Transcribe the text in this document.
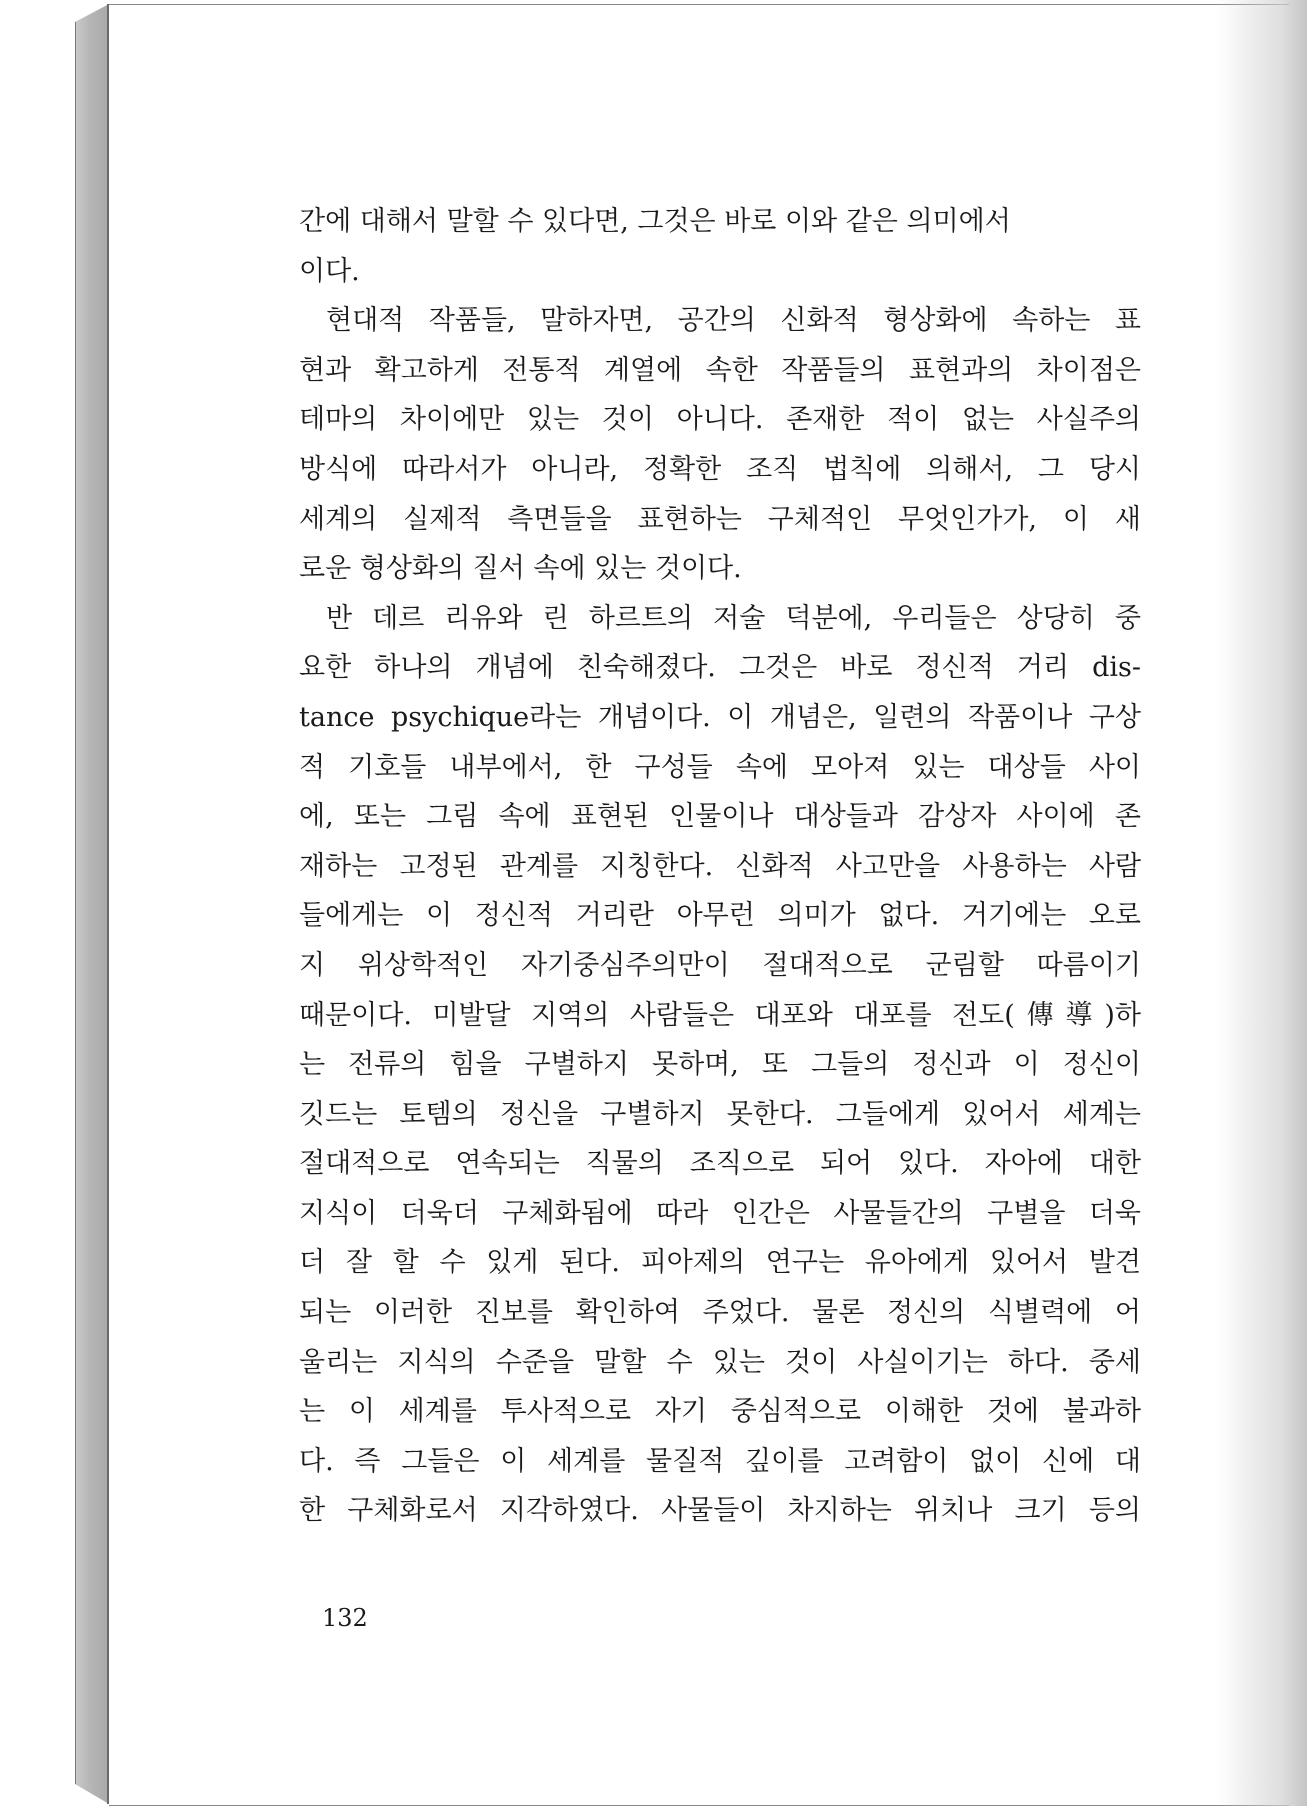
간에 대해서 말할 수 있다면, 그것은 바로 이와 같은 의미에서
이다.
현대적 작품들, 말하자면, 공간의 신화적 형상화에 속하는 표
현과 확고하게 전통적 계열에 속한 작품들의 표현과의 차이점은
테마의 차이에만 있는 것이 아니다. 존재한 적이 없는 사실주의
방식에 따라서가 아니라, 정확한 조직 법칙에 의해서, 그 당시
세계의 실제적 측면들을 표현하는 구체적인 무엇인가가, 이 새
로운 형상화의 질서 속에 있는 것이다.
반 데르 리유와 린 하르트의 저술 덕분에, 우리들은 상당히 중
요한 하나의 개념에 친숙해졌다. 그것은 바로 정신적 거리 dis-
tance psychique라는 개념이다. 이 개념은, 일련의 작품이나 구상
적 기호들 내부에서, 한 구성들 속에 모아져 있는 대상들 사이
에, 또는 그림 속에 표현된 인물이나 대상들과 감상자 사이에 존
재하는 고정된 관계를 지칭한다. 신화적 사고만을 사용하는 사람
들에게는 이 정신적 거리란 아무런 의미가 없다. 거기에는 오로
지 위상학적인 자기중심주의만이 절대적으로 군림할 따름이기
때문이다. 미발달 지역의 사람들은 대포와 대포를 전도(傳導)하
는 전류의 힘을 구별하지 못하며, 또 그들의 정신과 이 정신이
깃드는 토템의 정신을 구별하지 못한다. 그들에게 있어서 세계는
절대적으로 연속되는 직물의 조직으로 되어 있다. 자아에 대한
지식이 더욱더 구체화됨에 따라 인간은 사물들간의 구별을 더욱
더 잘 할 수 있게 된다. 피아제의 연구는 유아에게 있어서 발견
되는 이러한 진보를 확인하여 주었다. 물론 정신의 식별력에 어
울리는 지식의 수준을 말할 수 있는 것이 사실이기는 하다. 중세
는 이 세계를 투사적으로 자기 중심적으로 이해한 것에 불과하
다. 즉 그들은 이 세계를 물질적 깊이를 고려함이 없이 신에 대
한 구체화로서 지각하였다. 사물들이 차지하는 위치나 크기 등의
132
